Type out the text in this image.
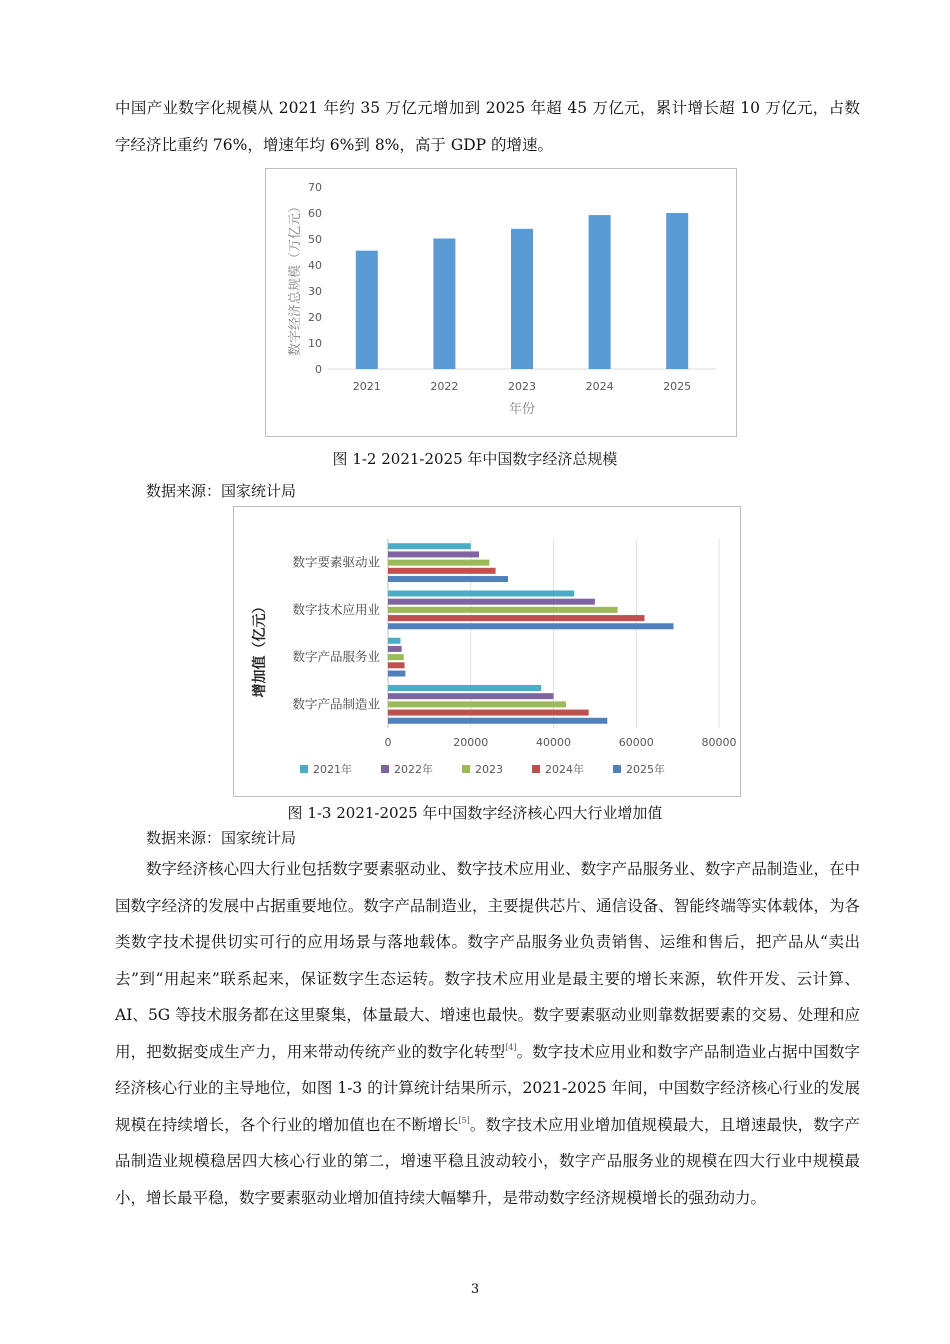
中国产业数字化规模从 2021 年约 35 万亿元增加到 2025 年超 45 万亿元，累计增长超 10 万亿元，占数字经济比重约 76%，增速年均 6%到 8%，高于 GDP 的增速。

0
10
20
30
40
50
60
70
2021	2022	2023	2024	2025
年份
数字经济总规模（万亿元）

图 1-2 2021-2025 年中国数字经济总规模

数据来源：国家统计局

0	20000	40000	60000	80000
数字要素驱动业
数字技术应用业
数字产品服务业
数字产品制造业
增加值（亿元）
2021年	2022年	2023	2024年	2025年

图 1-3 2021-2025 年中国数字经济核心四大行业增加值

数据来源：国家统计局

数字经济核心四大行业包括数字要素驱动业、数字技术应用业、数字产品服务业、数字产品制造业，在中国数字经济的发展中占据重要地位。数字产品制造业，主要提供芯片、通信设备、智能终端等实体载体，为各类数字技术提供切实可行的应用场景与落地载体。数字产品服务业负责销售、运维和售后，把产品从“卖出去”到“用起来”联系起来，保证数字生态运转。数字技术应用业是最主要的增长来源，软件开发、云计算、AI、5G 等技术服务都在这里聚集，体量最大、增速也最快。数字要素驱动业则靠数据要素的交易、处理和应用，把数据变成生产力，用来带动传统产业的数字化转型[4]。数字技术应用业和数字产品制造业占据中国数字经济核心行业的主导地位，如图 1-3 的计算统计结果所示，2021-2025 年间，中国数字经济核心行业的发展规模在持续增长，各个行业的增加值也在不断增长[5]。数字技术应用业增加值规模最大，且增速最快，数字产品制造业规模稳居四大核心行业的第二，增速平稳且波动较小，数字产品服务业的规模在四大行业中规模最小，增长最平稳，数字要素驱动业增加值持续大幅攀升，是带动数字经济规模增长的强劲动力。

3
